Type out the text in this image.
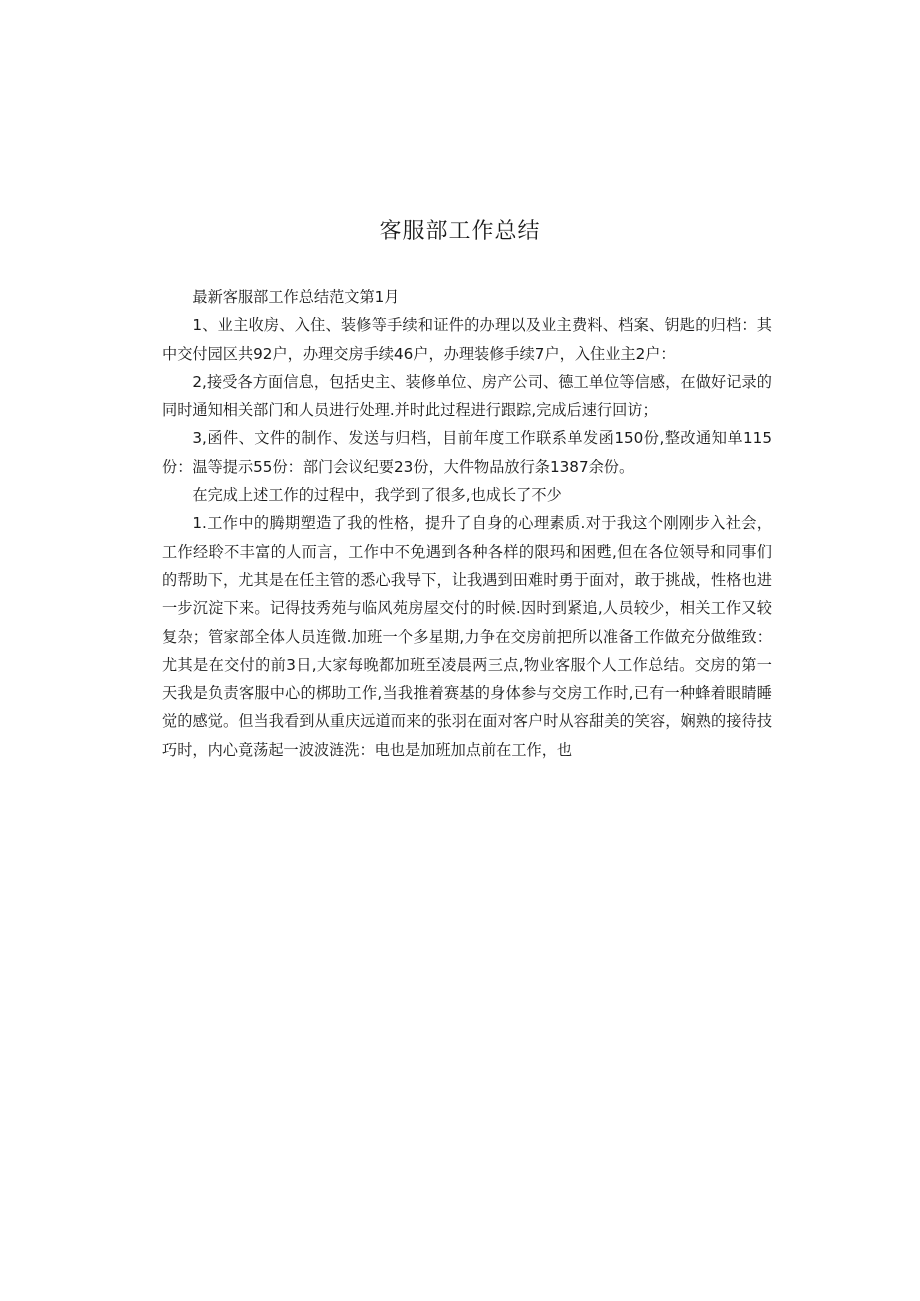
客服部工作总结

最新客服部工作总结范文第1月

1、业主收房、入住、装修等手续和证件的办理以及业主费料、档案、钥匙的归档：其中交付园区共92户，办理交房手续46户，办理装修手续7户，入住业主2户：

2,接受各方面信息，包括史主、装修单位、房产公司、德工单位等信感，在做好记录的同时通知相关部门和人员进行处理.并时此过程进行跟踪,完成后速行回访；

3,函件、文件的制作、发送与归档，目前年度工作联系单发函150份,整改通知单115份：温等提示55份：部门会议纪要23份，大件物品放行条1387余份。

在完成上述工作的过程中，我学到了很多,也成长了不少

1.工作中的腾期塑造了我的性格，提升了自身的心理素质.对于我这个刚刚步入社会，工作经聆不丰富的人而言，工作中不免遇到各种各样的限玛和困甦,但在各位领导和同事们的帮助下，尤其是在任主管的悉心我导下，让我遇到田难时勇于面对，敢于挑战，性格也进一步沉淀下来。记得技秀苑与临风苑房屋交付的时候.因时到紧追,人员较少，相关工作又较复杂；管家部全体人员连微.加班一个多星期,力争在交房前把所以准备工作做充分做维致：尤其是在交付的前3日,大家每晚都加班至凌晨两三点,物业客服个人工作总结。交房的第一天我是负责客服中心的梆助工作,当我推着赛基的身体参与交房工作时,已有一种蜂着眼睛睡觉的感觉。但当我看到从重庆远道而来的张羽在面对客户时从容甜美的笑容，娴熟的接待技巧时，内心竟荡起一波波涟洗：电也是加班加点前在工作，也
